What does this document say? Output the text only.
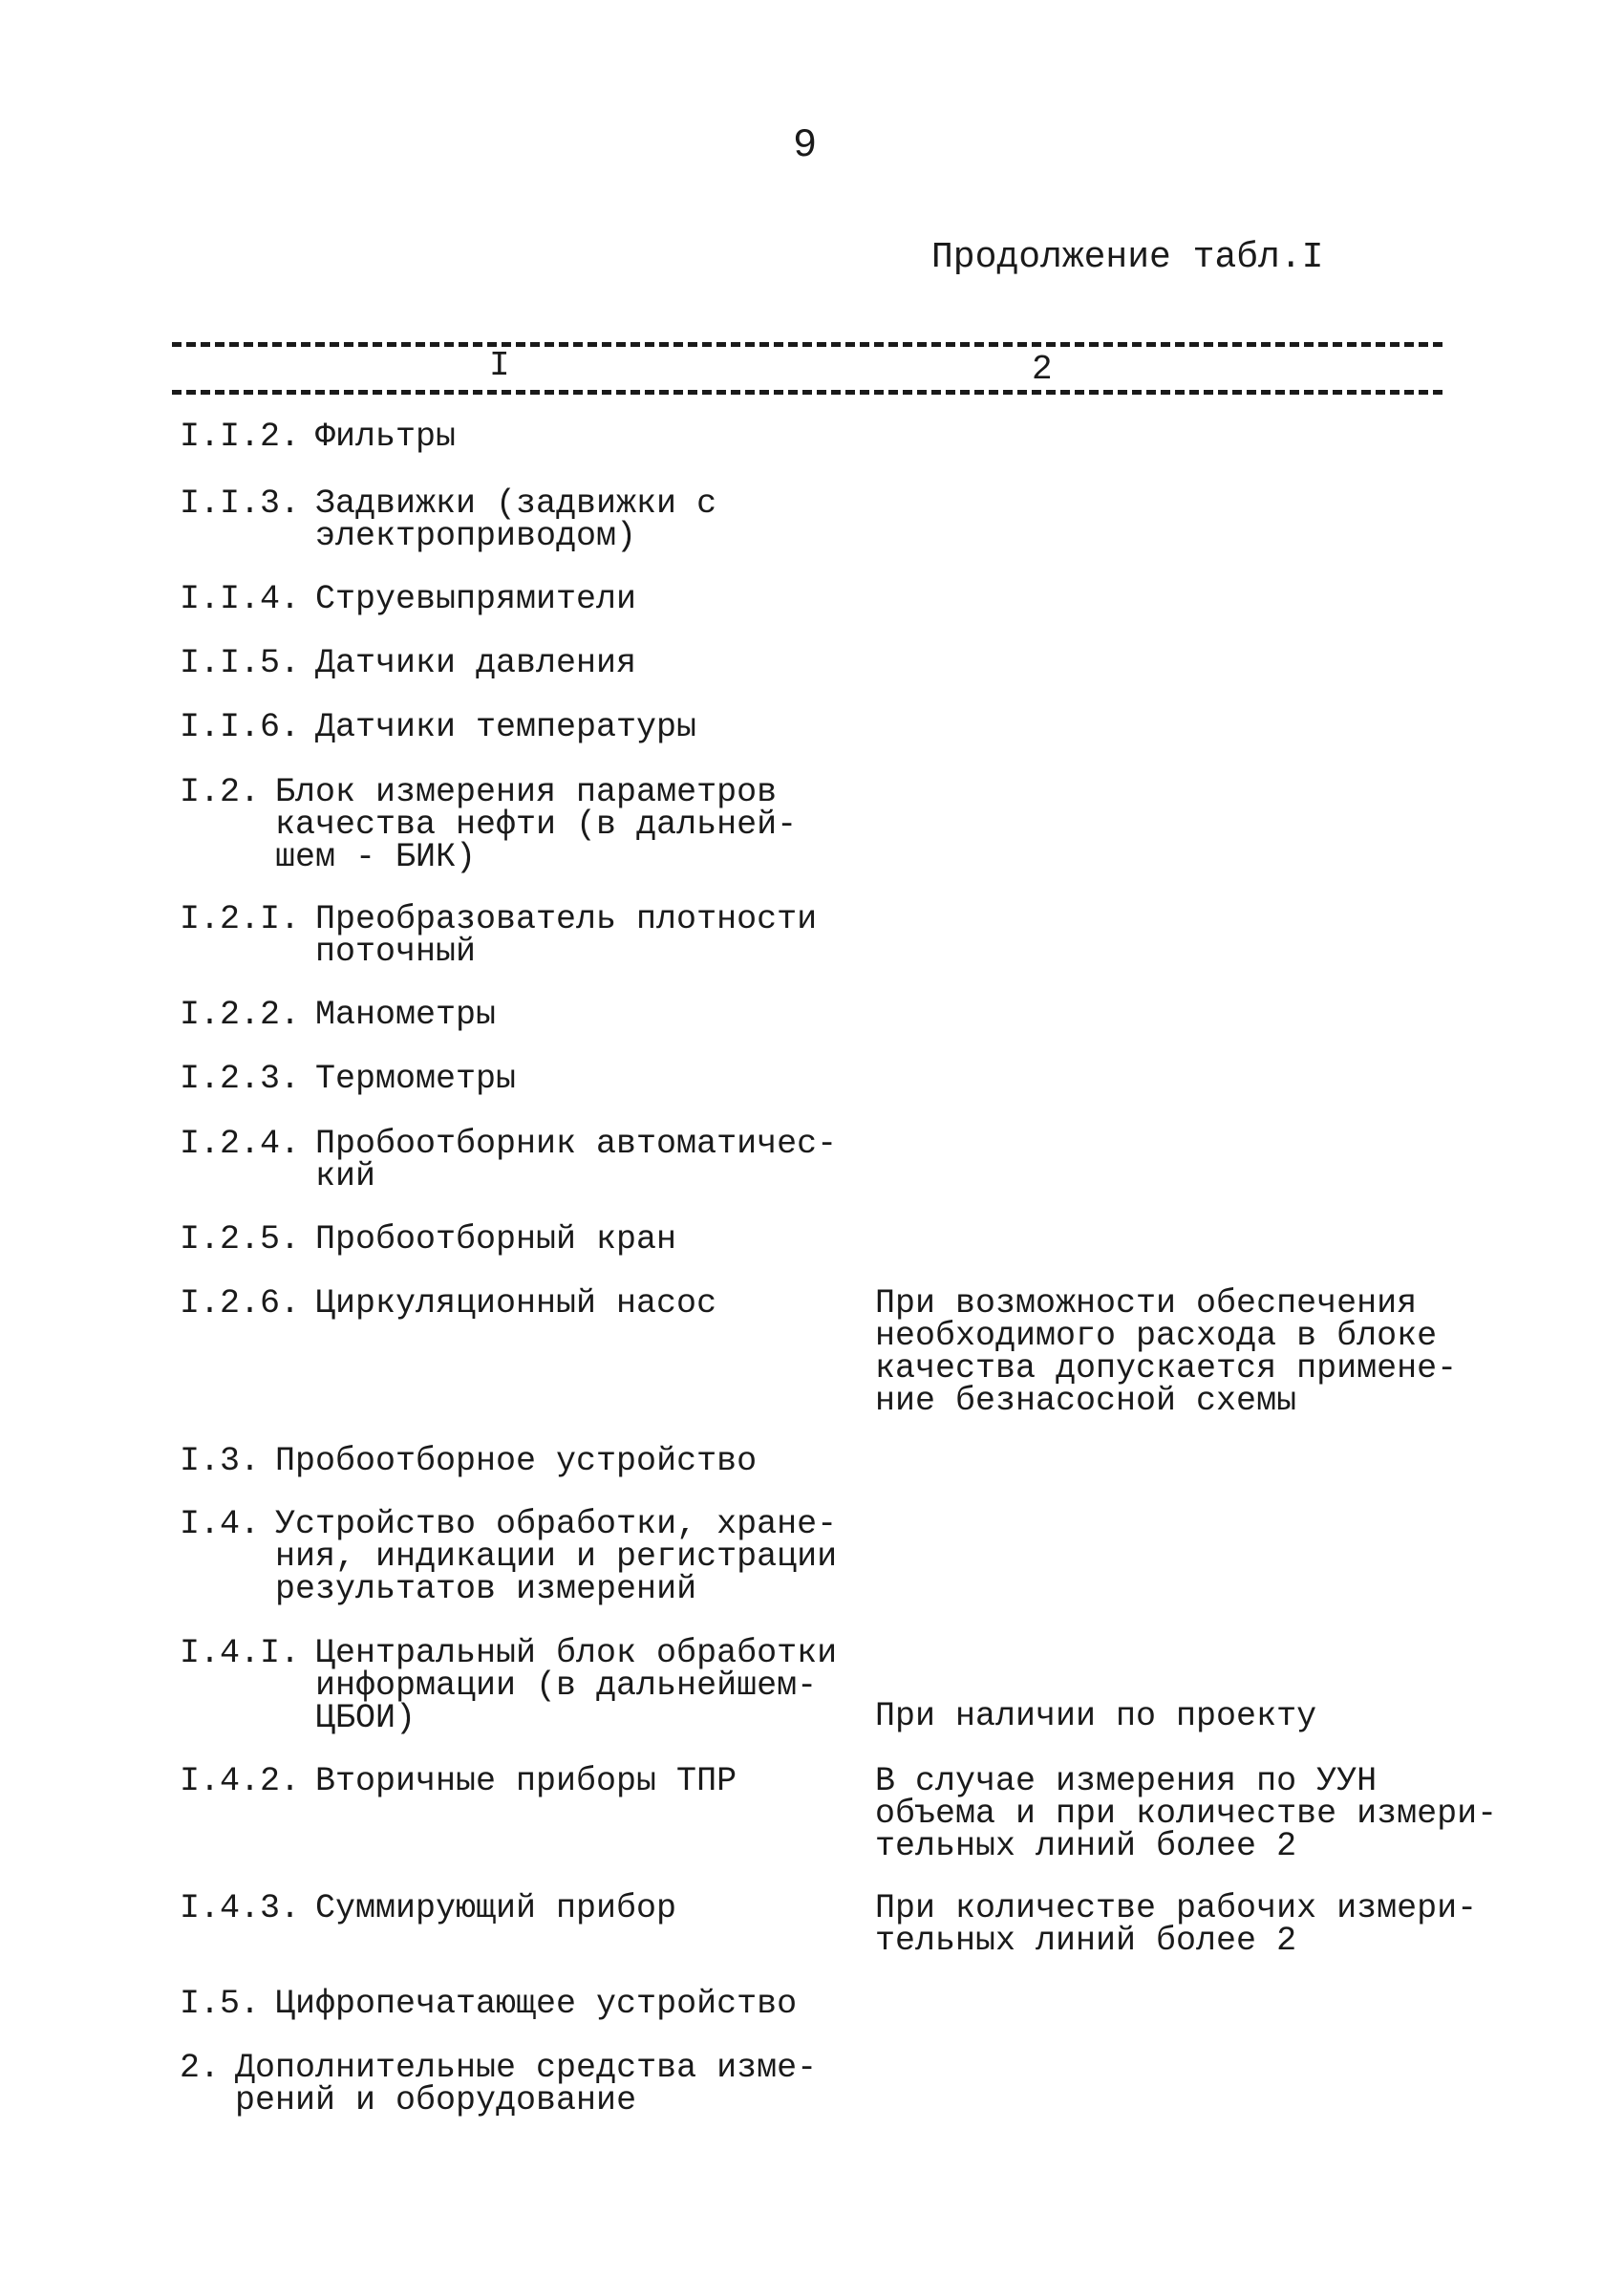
9
Продолжение табл.I
I	2
I.I.2. Фильтры
I.I.3. Задвижки (задвижки с
электроприводом)
I.I.4. Струевыпрямители
I.I.5. Датчики давления
I.I.6. Датчики температуры
I.2. Блок измерения параметров
качества нефти (в дальней-
шем - БИК)
I.2.I. Преобразователь плотности
поточный
I.2.2. Манометры
I.2.3. Термометры
I.2.4. Пробоотборник автоматичес-
кий
I.2.5. Пробоотборный кран
I.2.6. Циркуляционный насос	При возможности обеспечения
необходимого расхода в блоке
качества допускается примене-
ние безнасосной схемы
I.3. Пробоотборное устройство
I.4. Устройство обработки, хране-
ния, индикации и регистрации
результатов измерений
I.4.I. Центральный блок обработки
информации (в дальнейшем-
ЦБОИ)	При наличии по проекту
I.4.2. Вторичные приборы ТПР	В случае измерения по УУН
объема и при количестве измери-
тельных линий более 2
I.4.3. Суммирующий прибор	При количестве рабочих измери-
тельных линий более 2
I.5. Цифропечатающее устройство
2. Дополнительные средства изме-
рений и оборудование
